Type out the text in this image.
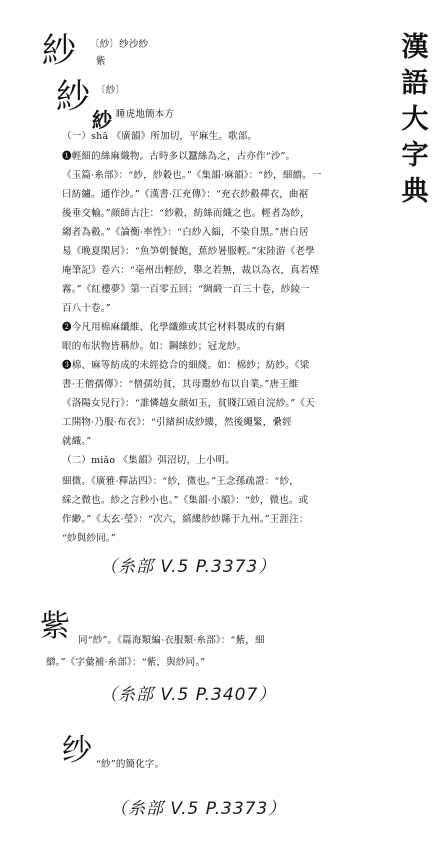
漢
語
大
字
典
紗 〔紗〕纱沙紗
紫
紗 〔紗〕
紗 睡虎地簡本方
（一）shā 《廣韻》所加切，平麻生。歌部。
❶輕細的絲麻織物。古時多以蠶絲為之，古亦作“沙”。
《玉篇·糸部》：“紗，紗穀也。”《集韻·麻韻》：“紗，細繒。一
曰紡纑。通作沙。”《漢書·江充傳》：“充衣紗縠禪衣，曲裾
後垂交輸。”顔師古注：“紗縠，紡絲而織之也。輕者為紗，
縐者為縠。”《論衡·率性》：“白紗入緇，不染自黑。”唐白居
易《晚夏閑居》：“魚笋朝餐飽，蕉紗暑服輕。”宋陸游《老學
庵筆記》卷六：“亳州出輕紗，舉之若無，裁以為衣，真若煙
霧。”《紅樓夢》第一百零五回：“綢緞一百三十卷，紗綾一
百八十卷。”
❷今凡用棉麻纖維、化學纖維或其它材料製成的有網
眼的布狀物皆稱紗。如：鋼絲紗；冠龙紗。
❸棉、麻等紡成的未經捻合的細綫。如：棉紗；紡紗。《梁
書·王僧孺傳》：“僧孺幼貧，其母鬻紗布以自業。”唐王維
《洛陽女兒行》：“誰憐越女顔如玉，貧賤江頭自浣紗。”《天
工開物·乃服·布衣》：“引緒糾成紗縷，然後繩緊，纍經
就織。”
（二）miǎo 《集韻》弭沼切，上小明。
細微。《廣雅·釋詁四》：“紗，微也。”王念孫疏證：“紗，
綵之微也。紗之言秒小也。”《集韻·小韻》：“紗，微也。或
作緲。”《太玄·瑩》：“次六，縝縷紗紗縣于九州。”王涯注：
“紗與紗同。”
（糸部 V.5 P.3373）
紫 同“紗”。《篇海類編·衣服類·糸部》：“紫，細
繒。”《字彙補·糸部》：“紫，與紗同。”
（糸部 V.5 P.3407）
纱 “紗”的簡化字。
（糸部 V.5 P.3373）
